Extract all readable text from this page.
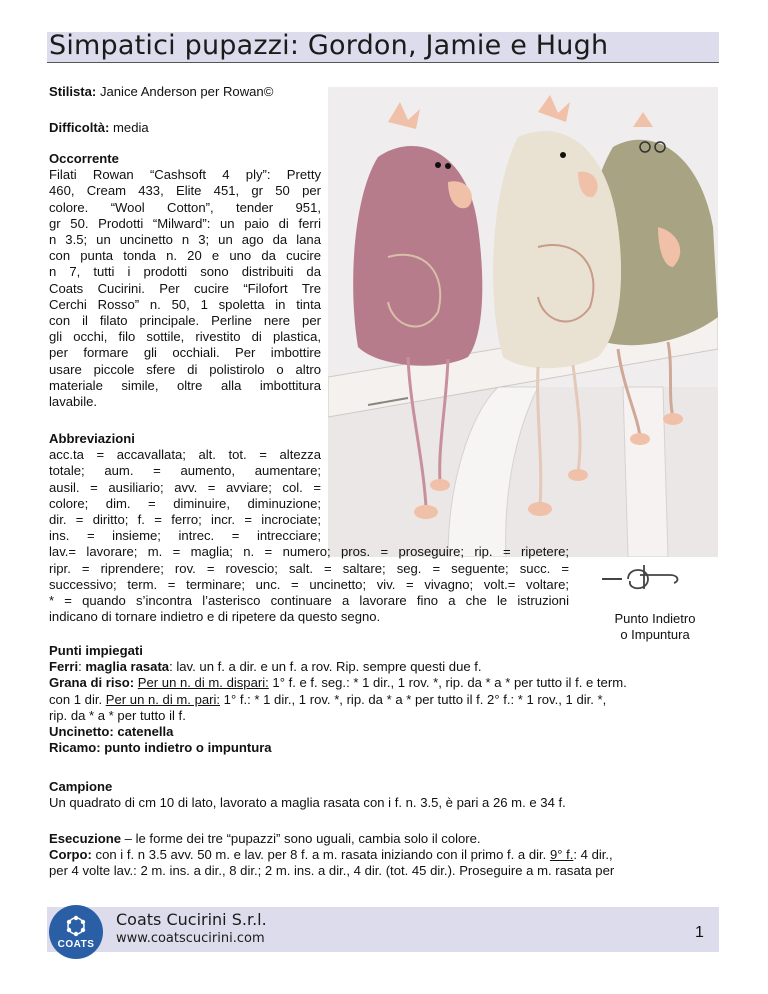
Simpatici pupazzi: Gordon, Jamie e Hugh
Stilista: Janice Anderson per Rowan©
Difficoltà: media
Occorrente
Filati Rowan “Cashsoft 4 ply”: Pretty
460, Cream 433, Elite 451, gr 50 per
colore. “Wool Cotton”, tender 951,
gr 50. Prodotti “Milward”: un paio di ferri
n 3.5; un uncinetto n 3; un ago da lana
con punta tonda n. 20 e uno da cucire
n 7, tutti i prodotti sono distribuiti da
Coats Cucirini. Per cucire “Filofort Tre
Cerchi Rosso” n. 50, 1 spoletta in tinta
con il filato principale. Perline nere per
gli occhi, filo sottile, rivestito di plastica,
per formare gli occhiali. Per imbottire
usare piccole sfere di polistirolo o altro
materiale simile, oltre alla imbottitura
lavabile.
Abbreviazioni
acc.ta = accavallata; alt. tot. = altezza
totale; aum. = aumento, aumentare;
ausil. = ausiliario; avv. = avviare; col. =
colore; dim. = diminuire, diminuzione;
dir. = diritto; f. = ferro; incr. = incrociate;
ins. = insieme; intrec. = intrecciare;
lav.= lavorare; m. = maglia; n. = numero; pros. = proseguire; rip. = ripetere;
ripr. = riprendere; rov. = rovescio; salt. = saltare; seg. = seguente; succ. =
successivo; term. = terminare; unc. = uncinetto; viv. = vivagno; volt.= voltare;
* = quando s’incontra l’asterisco continuare a lavorare fino a che le istruzioni
indicano di tornare indietro e di ripetere da questo segno.	Punto Indietro
o Impuntura
Punti impiegati
Ferri: maglia rasata: lav. un f. a dir. e un f. a rov. Rip. sempre questi due f.
Grana di riso: Per un n. di m. dispari: 1° f. e f. seg.: * 1 dir., 1 rov. *, rip. da * a * per tutto il f. e term.
con 1 dir. Per un n. di m. pari: 1° f.: * 1 dir., 1 rov. *, rip. da * a * per tutto il f. 2° f.: * 1 rov., 1 dir. *,
rip. da * a * per tutto il f.
Uncinetto: catenella
Ricamo: punto indietro o impuntura
Campione
Un quadrato di cm 10 di lato, lavorato a maglia rasata con i f. n. 3.5, è pari a 26 m. e 34 f.
Esecuzione – le forme dei tre “pupazzi” sono uguali, cambia solo il colore.
Corpo: con i f. n 3.5 avv. 50 m. e lav. per 8 f. a m. rasata iniziando con il primo f. a dir. 9° f.: 4 dir.,
per 4 volte lav.: 2 m. ins. a dir., 8 dir.; 2 m. ins. a dir., 4 dir. (tot. 45 dir.). Proseguire a m. rasata per
COATS
Coats Cucirini S.r.l.
www.coatscucirini.com	1
